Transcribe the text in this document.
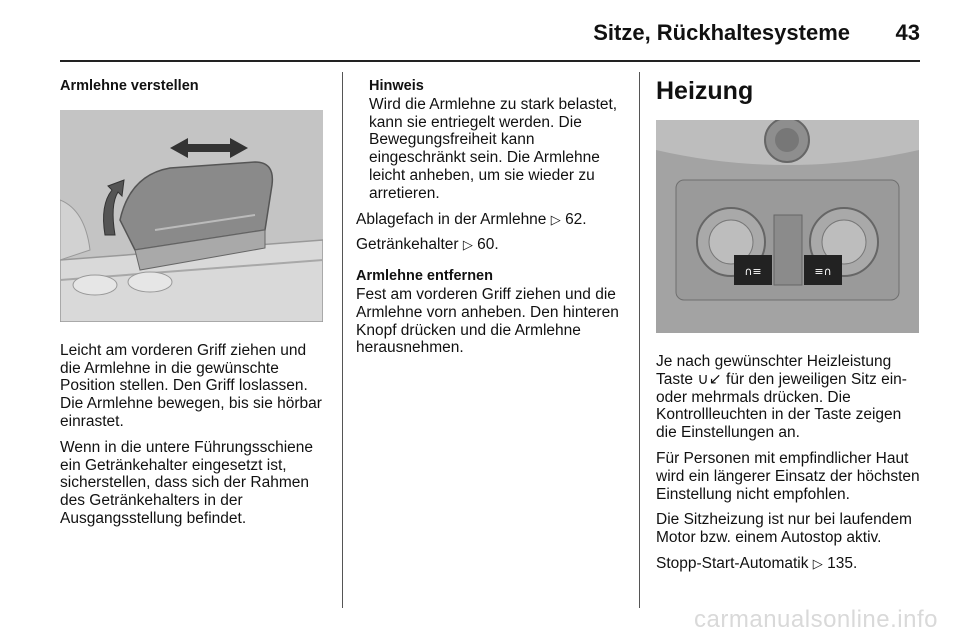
Sitze, Rückhaltesysteme	43
Armlehne verstellen

Leicht am vorderen Griff ziehen und die Armlehne in die gewünschte Position stellen. Den Griff loslassen. Die Armlehne bewegen, bis sie hörbar einrastet.

Wenn in die untere Führungsschiene ein Getränkehalter eingesetzt ist, sicherstellen, dass sich der Rahmen des Getränkehalters in der Ausgangsstellung befindet.

Hinweis
Wird die Armlehne zu stark belastet, kann sie entriegelt werden. Die Bewegungsfreiheit kann eingeschränkt sein. Die Armlehne leicht anheben, um sie wieder zu arretieren.

Ablagefach in der Armlehne ▷ 62.

Getränkehalter ▷ 60.

Armlehne entfernen

Fest am vorderen Griff ziehen und die Armlehne vorn anheben. Den hinteren Knopf drücken und die Armlehne herausnehmen.

Heizung
∩≡	≡∩

Je nach gewünschter Heizleistung Taste ∪↙ für den jeweiligen Sitz ein- oder mehrmals drücken. Die Kontrollleuchten in der Taste zeigen die Einstellungen an.

Für Personen mit empfindlicher Haut wird ein längerer Einsatz der höchsten Einstellung nicht empfohlen.

Die Sitzheizung ist nur bei laufendem Motor bzw. einem Autostop aktiv.

Stopp-Start-Automatik ▷ 135.

carmanualsonline.info
